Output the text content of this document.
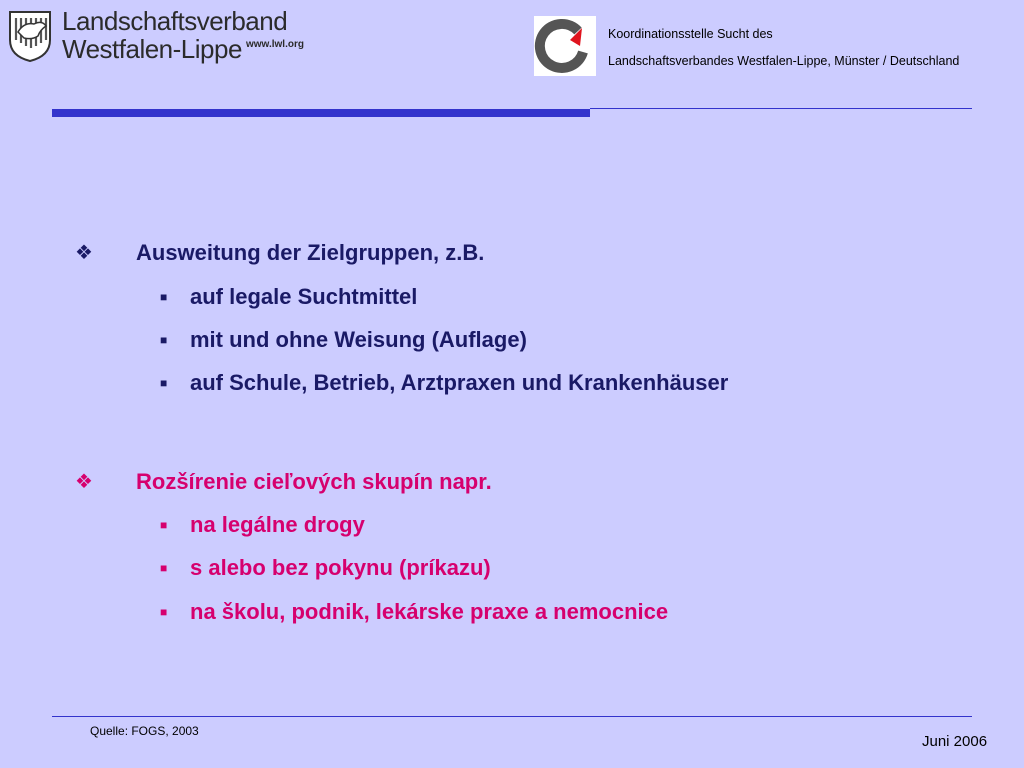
Landschaftsverband
Westfalen-Lippe www.lwl.org
Koordinationsstelle Sucht des
Landschaftsverbandes Westfalen-Lippe, Münster / Deutschland
❖ Ausweitung der Zielgruppen, z.B.
■ auf legale Suchtmittel
■ mit und ohne Weisung (Auflage)
■ auf Schule, Betrieb, Arztpraxen und Krankenhäuser
❖ Rozšírenie cieľových skupín napr.
■ na legálne drogy
■ s alebo bez pokynu (príkazu)
■ na školu, podnik, lekárske praxe a nemocnice
Quelle: FOGS, 2003
Juni 2006
